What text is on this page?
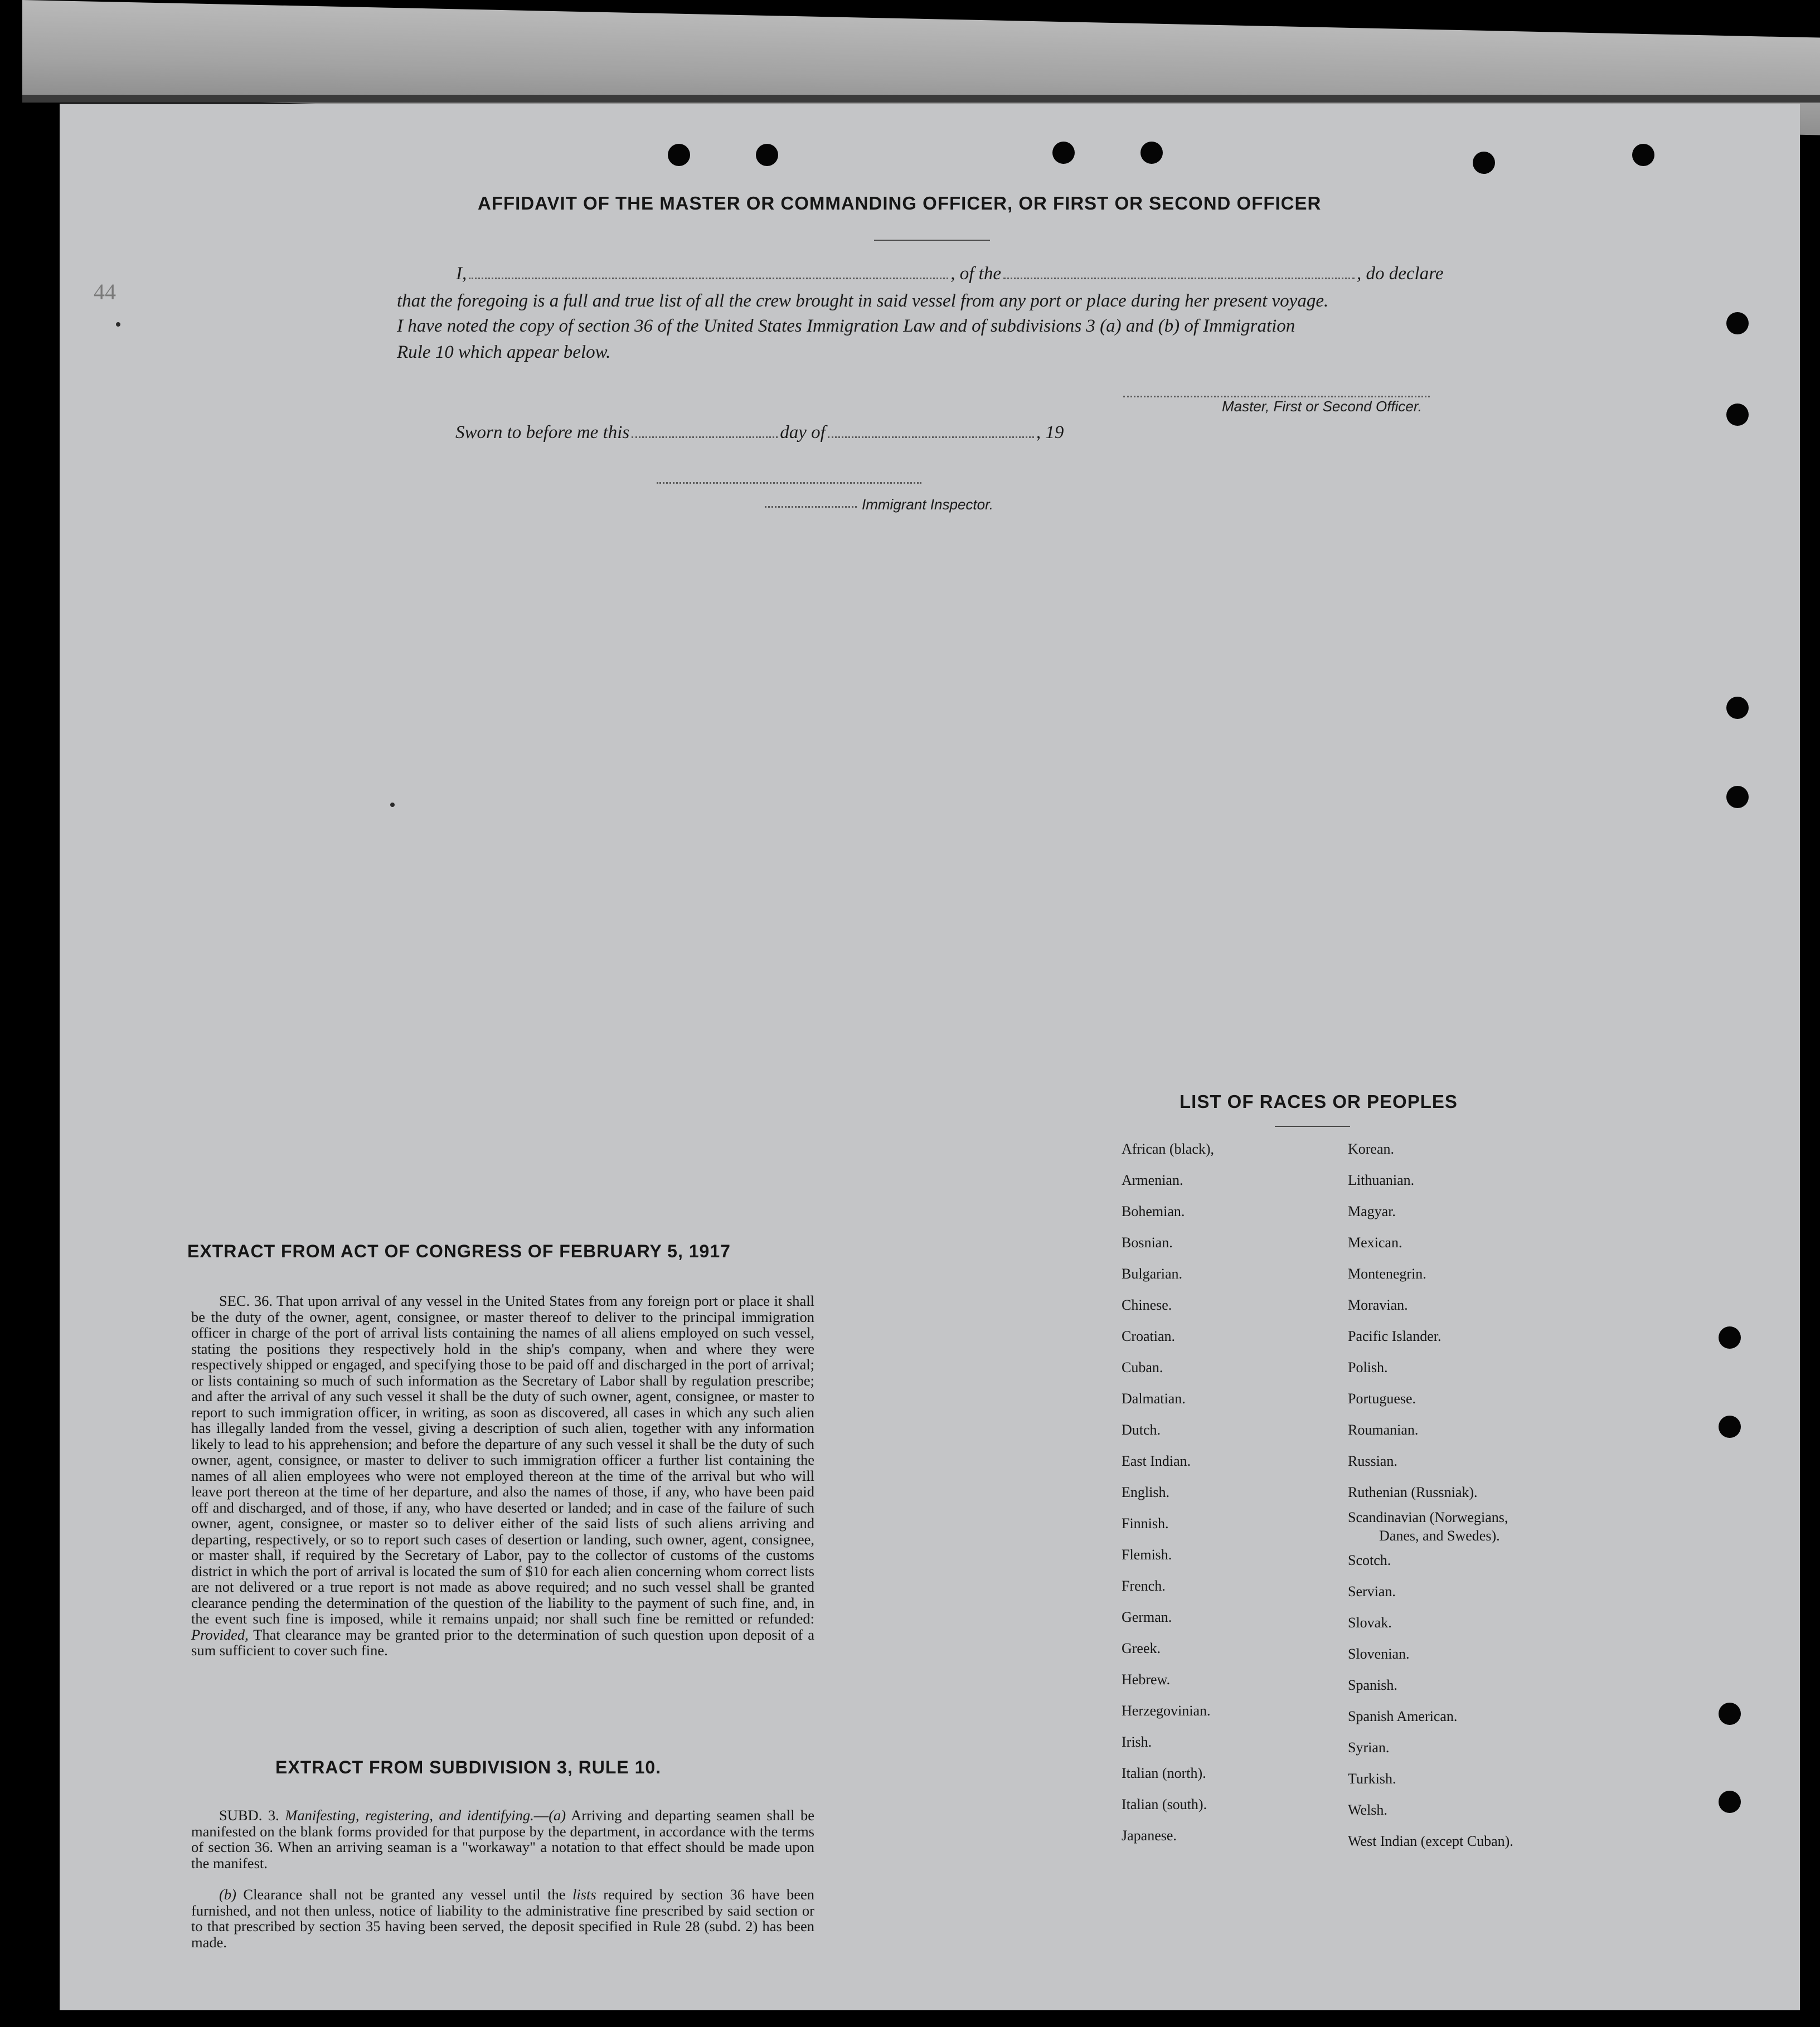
44
AFFIDAVIT OF THE MASTER OR COMMANDING OFFICER, OR FIRST OR SECOND OFFICER
I,	, of the	, do declare
that the foregoing is a full and true list of all the crew brought in said vessel from any port or place during her present voyage.
I have noted the copy of section 36 of the United States Immigration Law and of subdivisions 3 (a) and (b) of Immigration
Rule 10 which appear below.
Master, First or Second Officer.
Sworn to before me this	day of	, 19
Immigrant Inspector.
LIST OF RACES OR PEOPLES
African (black),
Armenian.
Bohemian.
Bosnian.
Bulgarian.
Chinese.
Croatian.
Cuban.
Dalmatian.
Dutch.
East Indian.
English.
Finnish.
Flemish.
French.
German.
Greek.
Hebrew.
Herzegovinian.
Irish.
Italian (north).
Italian (south).
Japanese.
Korean.
Lithuanian.
Magyar.
Mexican.
Montenegrin.
Moravian.
Pacific Islander.
Polish.
Portuguese.
Roumanian.
Russian.
Ruthenian (Russniak).
Scandinavian (Norwegians,
Danes, and Swedes).
Scotch.
Servian.
Slovak.
Slovenian.
Spanish.
Spanish American.
Syrian.
Turkish.
Welsh.
West Indian (except Cuban).
EXTRACT FROM ACT OF CONGRESS OF FEBRUARY 5, 1917
SEC. 36. That upon arrival of any vessel in the United States from any foreign port or place it shall be the duty of the owner, agent, consignee, or master thereof to deliver to the principal immigration officer in charge of the port of arrival lists containing the names of all aliens employed on such vessel, stating the positions they respectively hold in the ship's company, when and where they were respectively shipped or engaged, and specifying those to be paid off and discharged in the port of arrival; or lists containing so much of such information as the Secretary of Labor shall by regulation prescribe; and after the arrival of any such vessel it shall be the duty of such owner, agent, consignee, or master to report to such immigration officer, in writing, as soon as discovered, all cases in which any such alien has illegally landed from the vessel, giving a description of such alien, together with any information likely to lead to his apprehension; and before the departure of any such vessel it shall be the duty of such owner, agent, consignee, or master to deliver to such immigration officer a further list containing the names of all alien employees who were not employed thereon at the time of the arrival but who will leave port thereon at the time of her departure, and also the names of those, if any, who have been paid off and discharged, and of those, if any, who have deserted or landed; and in case of the failure of such owner, agent, consignee, or master so to deliver either of the said lists of such aliens arriving and departing, respectively, or so to report such cases of desertion or landing, such owner, agent, consignee, or master shall, if required by the Secretary of Labor, pay to the collector of customs of the customs district in which the port of arrival is located the sum of $10 for each alien concerning whom correct lists are not delivered or a true report is not made as above required; and no such vessel shall be granted clearance pending the determination of the question of the liability to the payment of such fine, and, in the event such fine is imposed, while it remains unpaid; nor shall such fine be remitted or refunded: Provided, That clearance may be granted prior to the determination of such question upon deposit of a sum sufficient to cover such fine.
EXTRACT FROM SUBDIVISION 3, RULE 10.
SUBD. 3. Manifesting, registering, and identifying.—(a) Arriving and departing seamen shall be manifested on the blank forms provided for that purpose by the department, in accordance with the terms of section 36. When an arriving seaman is a "workaway" a notation to that effect should be made upon the manifest.
(b) Clearance shall not be granted any vessel until the lists required by section 36 have been furnished, and not then unless, notice of liability to the administrative fine prescribed by said section or to that prescribed by section 35 having been served, the deposit specified in Rule 28 (subd. 2) has been made.
